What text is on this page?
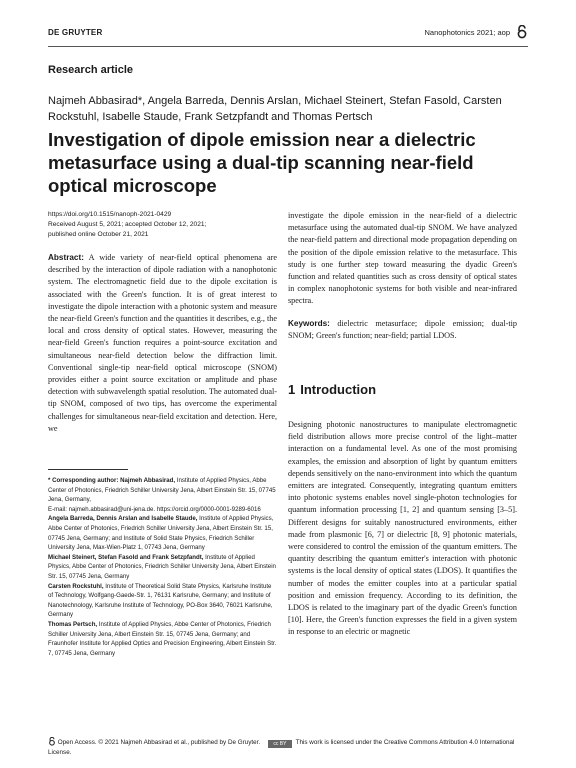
DE GRUYTER	Nanophotonics 2021; aop
Research article
Najmeh Abbasirad*, Angela Barreda, Dennis Arslan, Michael Steinert, Stefan Fasold, Carsten Rockstuhl, Isabelle Staude, Frank Setzpfandt and Thomas Pertsch
Investigation of dipole emission near a dielectric metasurface using a dual-tip scanning near-field optical microscope
https://doi.org/10.1515/nanoph-2021-0429
Received August 5, 2021; accepted October 12, 2021;
published online October 21, 2021

Abstract: A wide variety of near-field optical phenomena are described by the interaction of dipole radiation with a nanophotonic system. The electromagnetic field due to the dipole excitation is associated with the Green's function. It is of great interest to investigate the dipole interaction with a photonic system and measure the near-field Green's function and the quantities it describes, e.g., the local and cross density of optical states. However, measuring the near-field Green's function requires a point-source excitation and simultaneous near-field detection below the diffraction limit. Conventional single-tip near-field optical microscope (SNOM) provides either a point source excitation or amplitude and phase detection with subwavelength spatial resolution. The automated dual-tip SNOM, composed of two tips, has overcome the experimental challenges for simultaneous near-field excitation and detection. Here, we

* Corresponding author: Najmeh Abbasirad, Institute of Applied Physics, Abbe Center of Photonics, Friedrich Schiller University Jena, Albert Einstein Str. 15, 07745 Jena, Germany,

E-mail: najmeh.abbasirad@uni-jena.de. https://orcid.org/0000-0001-9289-6016

Angela Barreda, Dennis Arslan and Isabelle Staude, Institute of Applied Physics, Abbe Center of Photonics, Friedrich Schiller University Jena, Albert Einstein Str. 15, 07745 Jena, Germany; and Institute of Solid State Physics, Friedrich Schiller University Jena, Max-Wien-Platz 1, 07743 Jena, Germany

Michael Steinert, Stefan Fasold and Frank Setzpfandt, Institute of Applied Physics, Abbe Center of Photonics, Friedrich Schiller University Jena, Albert Einstein Str. 15, 07745 Jena, Germany

Carsten Rockstuhl, Institute of Theoretical Solid State Physics, Karlsruhe Institute of Technology, Wolfgang-Gaede-Str. 1, 76131 Karlsruhe, Germany; and Institute of Nanotechnology, Karlsruhe Institute of Technology, PO-Box 3640, 76021 Karlsruhe, Germany

Thomas Pertsch, Institute of Applied Physics, Abbe Center of Photonics, Friedrich Schiller University Jena, Albert Einstein Str. 15, 07745 Jena, Germany; and Fraunhofer Institute for Applied Optics and Precision Engineering, Albert Einstein Str. 7, 07745 Jena, Germany

investigate the dipole emission in the near-field of a dielectric metasurface using the automated dual-tip SNOM. We have analyzed the near-field pattern and directional mode propagation depending on the position of the dipole emission relative to the metasurface. This study is one further step toward measuring the dyadic Green's function and related quantities such as cross density of optical states in complex nanophotonic systems for both visible and near-infrared spectra.

Keywords: dielectric metasurface; dipole emission; dual-tip SNOM; Green's function; near-field; partial LDOS.

1 Introduction

Designing photonic nanostructures to manipulate electromagnetic field distribution allows more precise control of the light–matter interaction on a fundamental level. As one of the most promising examples, the emission and absorption of light by quantum emitters depends sensitively on the nano-environment into which the quantum emitters are integrated. Consequently, integrating quantum emitters into photonic systems enables novel single-photon technologies for quantum information processing [1, 2] and quantum sensing [3–5]. Different designs for suitably nanostructured environments, either made from plasmonic [6, 7] or dielectric [8, 9] photonic materials, were considered to control the emission of the quantum emitters. The quantity describing the quantum emitter's interaction with photonic systems is the local density of optical states (LDOS). It quantifies the number of modes the emitter couples into at a particular spatial position and emission frequency. According to its definition, the LDOS is related to the imaginary part of the dyadic Green's function [10]. Here, the Green's function expresses the field in a given system in response to an electric or magnetic

Open Access. © 2021 Najmeh Abbasirad et al., published by De Gruyter.	cc BY This work is licensed under the Creative Commons Attribution 4.0 International License.
